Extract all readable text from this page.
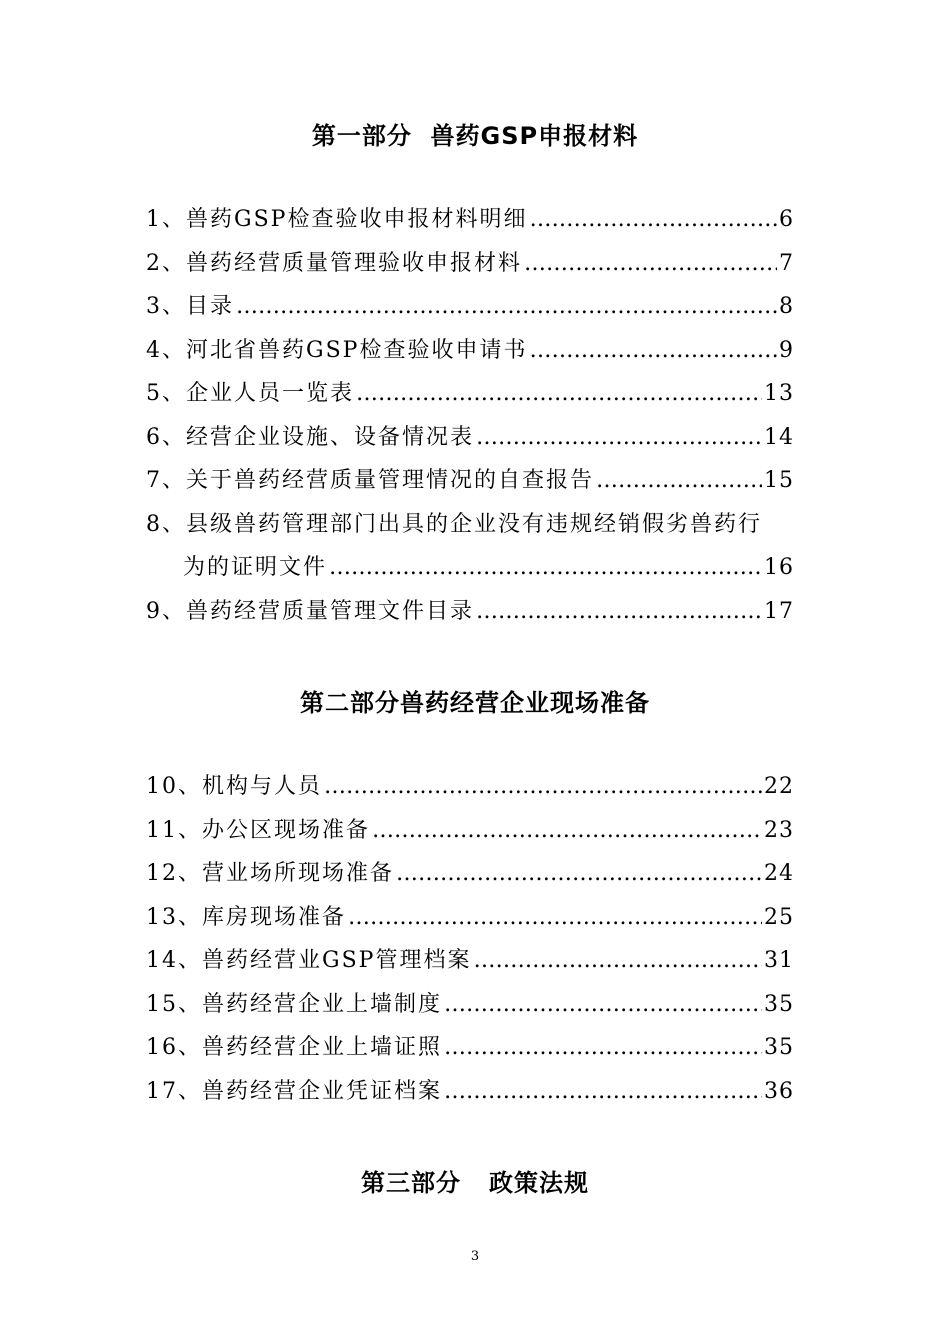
第一部分  兽药GSP申报材料
1、兽药GSP检查验收申报材料明细 …………………………………………………………………………………………………………………………………………………………	6
2、兽药经营质量管理验收申报材料 …………………………………………………………………………………………………………………………………………………………	7
3、目录 …………………………………………………………………………………………………………………………………………………………	8
4、河北省兽药GSP检查验收申请书 …………………………………………………………………………………………………………………………………………………………	9
5、企业人员一览表 …………………………………………………………………………………………………………………………………………………………	13
6、经营企业设施、设备情况表 …………………………………………………………………………………………………………………………………………………………	14
7、关于兽药经营质量管理情况的自查报告 …………………………………………………………………………………………………………………………………………………………	15
8、县级兽药管理部门出具的企业没有违规经销假劣兽药行
为的证明文件 …………………………………………………………………………………………………………………………………………………………	16
9、兽药经营质量管理文件目录 …………………………………………………………………………………………………………………………………………………………	17
第二部分兽药经营企业现场准备
10、机构与人员 …………………………………………………………………………………………………………………………………………………………	22
11、办公区现场准备 …………………………………………………………………………………………………………………………………………………………	23
12、营业场所现场准备 …………………………………………………………………………………………………………………………………………………………	24
13、库房现场准备 …………………………………………………………………………………………………………………………………………………………	25
14、兽药经营业GSP管理档案 …………………………………………………………………………………………………………………………………………………………	31
15、兽药经营企业上墙制度 …………………………………………………………………………………………………………………………………………………………	35
16、兽药经营企业上墙证照 …………………………………………………………………………………………………………………………………………………………	35
17、兽药经营企业凭证档案 …………………………………………………………………………………………………………………………………………………………	36
第三部分   政策法规
3
